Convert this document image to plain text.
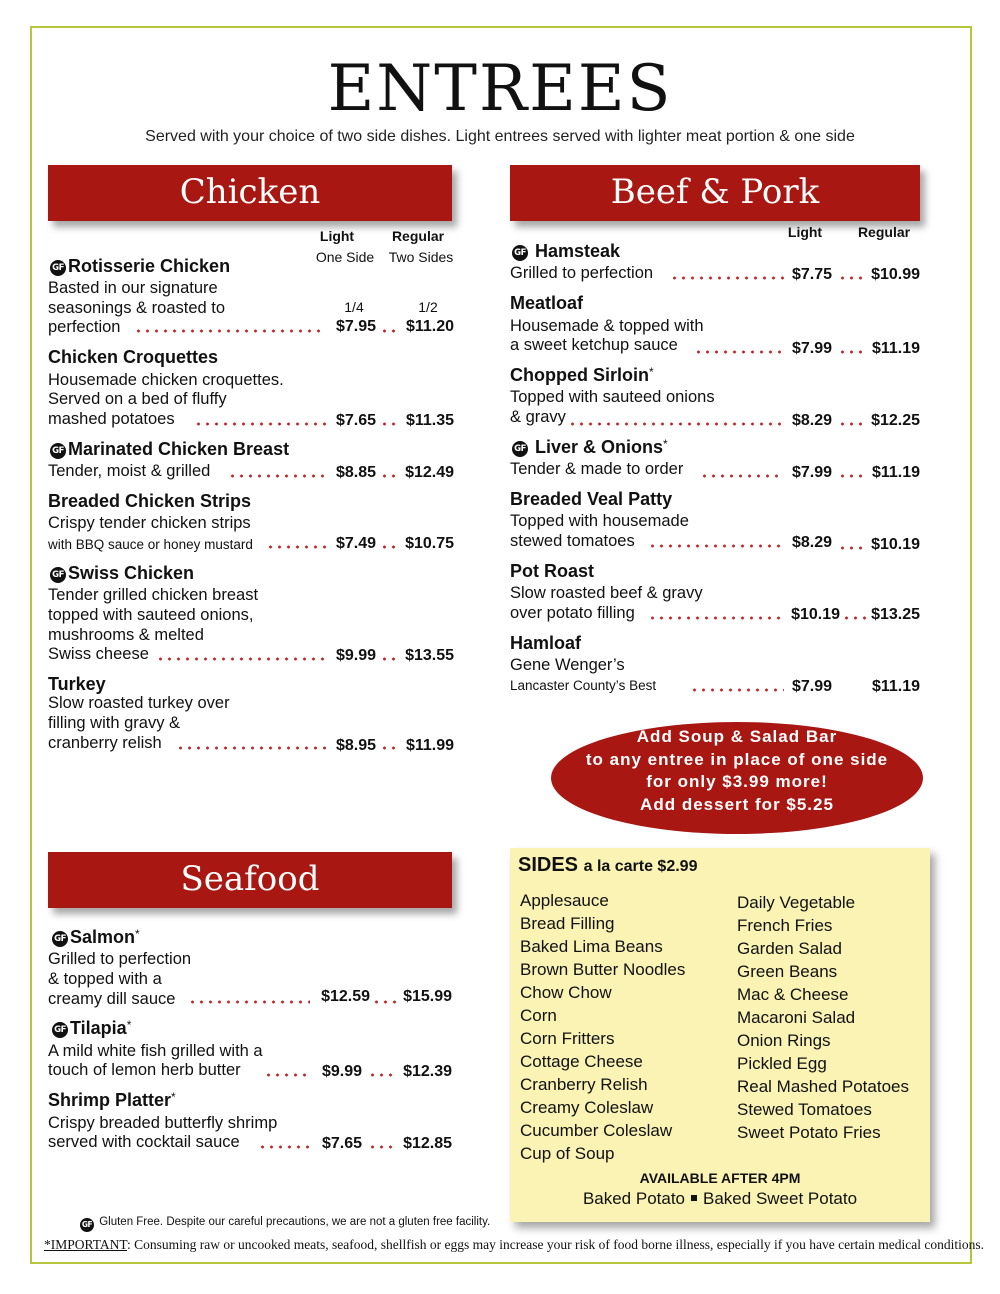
ENTREES
Served with your choice of two side dishes. Light entrees served with lighter meat portion & one side
Chicken
Light	Regular
One Side	Two Sides
GF Rotisserie Chicken
Basted in our signature
seasonings & roasted to
perfection
1/4	1/2
$7.95	$11.20
Chicken Croquettes
Housemade chicken croquettes.
Served on a bed of fluffy
mashed potatoes	$7.65	$11.35
GF Marinated Chicken Breast
Tender, moist & grilled	$8.85	$12.49
Breaded Chicken Strips
Crispy tender chicken strips
with BBQ sauce or honey mustard	$7.49	$10.75
GF Swiss Chicken
Tender grilled chicken breast
topped with sauteed onions,
mushrooms & melted
Swiss cheese	$9.99	$13.55
Turkey
Slow roasted turkey over
filling with gravy &
cranberry relish	$8.95	$11.99
Beef & Pork
Light	Regular
GF Hamsteak
Grilled to perfection	$7.75	$10.99
Meatloaf
Housemade & topped with
a sweet ketchup sauce	$7.99	$11.19
Chopped Sirloin*
Topped with sauteed onions
& gravy	$8.29	$12.25
GF Liver & Onions*
Tender & made to order	$7.99	$11.19
Breaded Veal Patty
Topped with housemade
stewed tomatoes	$8.29	$10.19
Pot Roast
Slow roasted beef & gravy
over potato filling	$10.19	$13.25
Hamloaf
Gene Wenger’s
Lancaster County’s Best	$7.99	$11.19
Add Soup & Salad Bar
to any entree in place of one side
for only $3.99 more!
Add dessert for $5.25
Seafood
GF Salmon*
Grilled to perfection
& topped with a
creamy dill sauce	$12.59	$15.99
GF Tilapia*
A mild white fish grilled with a
touch of lemon herb butter	$9.99	$12.39
Shrimp Platter*
Crispy breaded butterfly shrimp
served with cocktail sauce	$7.65	$12.85
SIDES a la carte $2.99
Applesauce
Bread Filling
Baked Lima Beans
Brown Butter Noodles
Chow Chow
Corn
Corn Fritters
Cottage Cheese
Cranberry Relish
Creamy Coleslaw
Cucumber Coleslaw
Cup of Soup
Daily Vegetable
French Fries
Garden Salad
Green Beans
Mac & Cheese
Macaroni Salad
Onion Rings
Pickled Egg
Real Mashed Potatoes
Stewed Tomatoes
Sweet Potato Fries
AVAILABLE AFTER 4PM
Baked Potato Baked Sweet Potato
GF Gluten Free. Despite our careful precautions, we are not a gluten free facility.
*IMPORTANT: Consuming raw or uncooked meats, seafood, shellfish or eggs may increase your risk of food borne illness, especially if you have certain medical conditions.
